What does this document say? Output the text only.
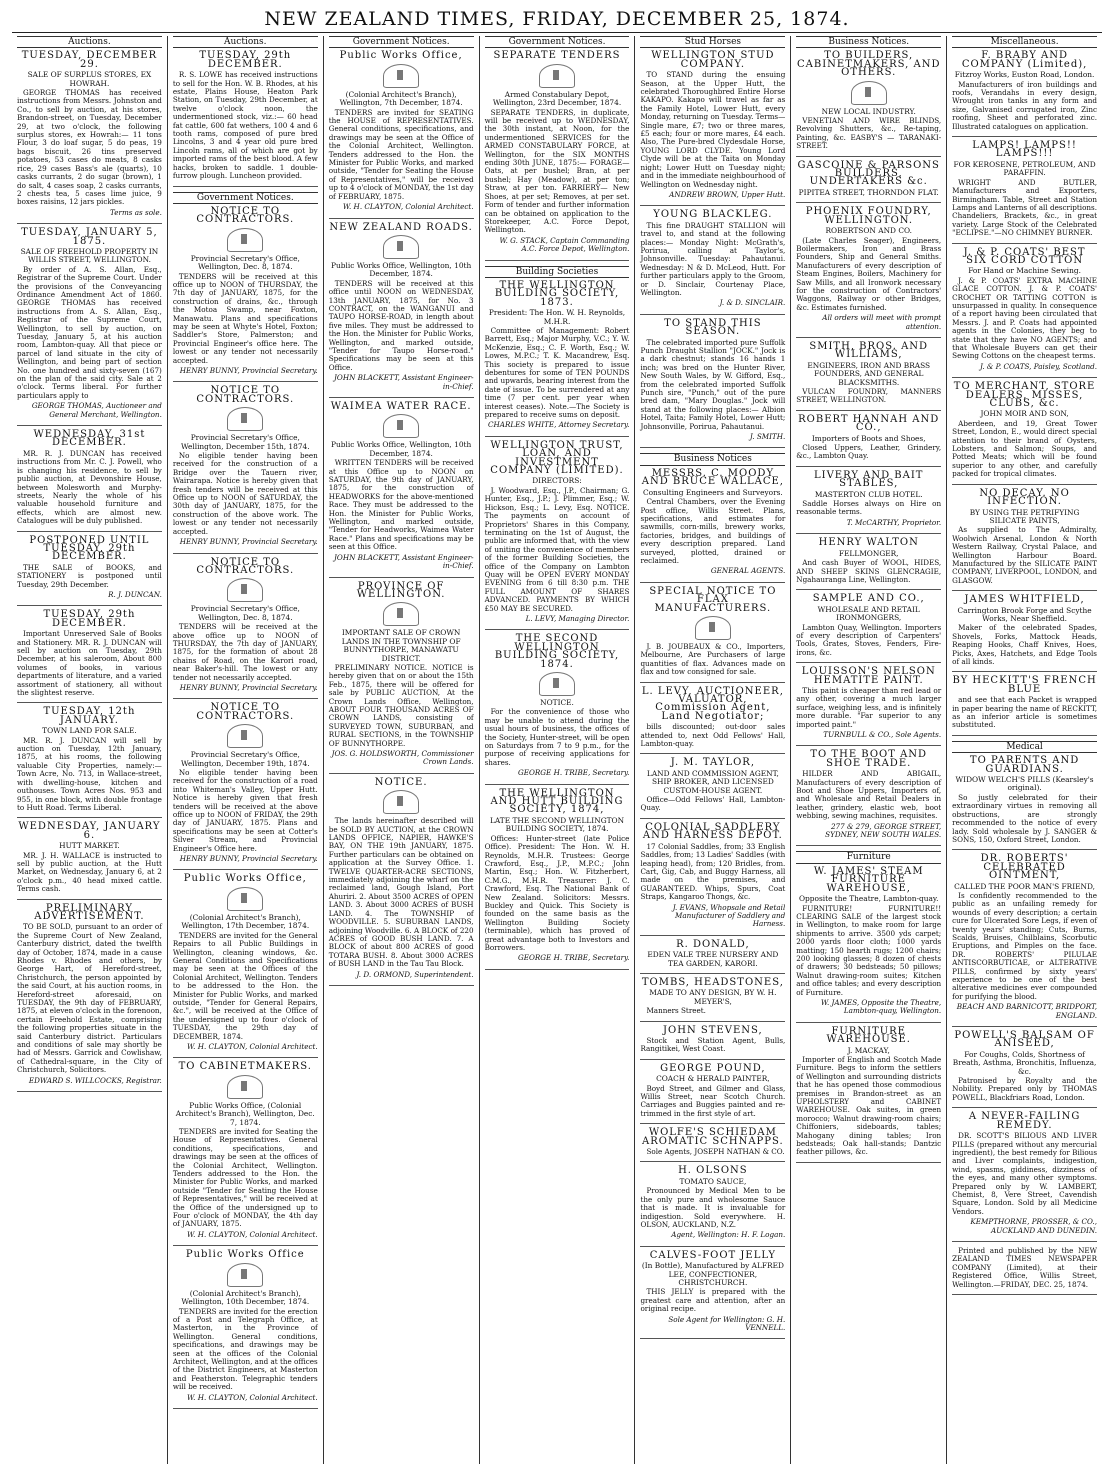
NEW ZEALAND TIMES, FRIDAY, DECEMBER 25, 1874.
Auctions.
TUESDAY, DECEMBER 29.
SALE OF SURPLUS STORES, EX HOWRAH.

GEORGE THOMAS has received instructions from Messrs. Johnston and Co., to sell by auction, at his stores, Brandon-street, on Tuesday, December 29, at two o'clock, the following surplus stores, ex Howrah:— 11 tons Flour, 3 do loaf sugar, 5 do peas, 19 bags biscuit, 26 tins preserved potatoes, 53 cases do meats, 8 casks rice, 29 cases Bass's ale (quarts), 10 casks currants, 2 do sugar (brown), 1 do salt, 4 cases soap, 2 casks currants, 2 chests tea, 5 cases lime juice, 9 boxes raisins, 12 jars pickles.

Terms as sole.
TUESDAY, JANUARY 5, 1875.
SALE OF FREEHOLD PROPERTY IN WILLIS STREET, WELLINGTON.

By order of A. S. Allan, Esq., Registrar of the Supreme Court. Under the provisions of the Conveyancing Ordinance Amendment Act of 1860. GEORGE THOMAS has received instructions from A. S. Allan, Esq., Registrar of the Supreme Court, Wellington, to sell by auction, on Tuesday, January 5, at his auction room, Lambton-quay. All that piece or parcel of land situate in the city of Wellington, and being part of section No. one hundred and sixty-seven (167) on the plan of the said city. Sale at 2 o'clock. Terms liberal. For further particulars apply to

GEORGE THOMAS, Auctioneer and General Merchant, Wellington.
WEDNESDAY, 31st DECEMBER.

MR. R. J. DUNCAN has received instructions from Mr. C. J. Powell, who is changing his residence, to sell by public auction, at Devonshire House, between Molesworth and Murphy-streets, Nearly the whole of his valuable household furniture and effects, which are almost new. Catalogues will be duly published.

POSTPONED UNTIL TUESDAY, 29th DECEMBER.

THE SALE of BOOKS, and STATIONERY is postponed until Tuesday, 29th December.

R. J. DUNCAN.
TUESDAY, 29th DECEMBER.

Important Unreserved Sale of Books and Stationery. MR. R. J. DUNCAN will sell by auction on Tuesday, 29th December, at his saleroom, About 800 volumes of books, in various departments of literature, and a varied assortment of stationery, all without the slightest reserve.

TUESDAY, 12th JANUARY.
TOWN LAND FOR SALE.

MR. R. J. DUNCAN will sell by auction on Tuesday, 12th January, 1875, at his rooms, the following valuable City Properties, namely:— Town Acre, No. 713, in Wallace-street, with dwelling-house, kitchen and outhouses. Town Acres Nos. 953 and 955, in one block, with double frontage to Hutt Road. Terms Liberal.

WEDNESDAY, JANUARY 6.
HUTT MARKET.

MR. J. H. WALLACE is instructed to sell by public auction, at the Hutt Market, on Wednesday, January 6, at 2 o'clock p.m., 40 head mixed cattle. Terms cash.

PRELIMINARY ADVERTISEMENT.

TO BE SOLD, pursuant to an order of the Supreme Court of New Zealand, Canterbury district, dated the twelfth day of October, 1874, made in a cause Rhodes v. Rhodes and others, by George Hart, of Hereford-street, Christchurch, the person appointed by the said Court, at his auction rooms, in Hereford-street aforesaid, on TUESDAY, the 9th day of FEBRUARY, 1875, at eleven o'clock in the forenoon, certain Freehold Estate, comprising the following properties situate in the said Canterbury district. Particulars and conditions of sale may shortly be had of Messrs. Garrick and Cowlishaw, of Cathedral-square, in the City of Christchurch, Solicitors.

EDWARD S. WILLCOCKS, Registrar.
Auctions.
TUESDAY, 29th DECEMBER.

R. S. LOWE has received instructions to sell for the Hon. W. B. Rhodes, at his estate, Plains House, Heaton Park Station, on Tuesday, 29th December, at twelve o'clock noon, the undermentioned stock, viz.:— 60 head fat cattle, 600 fat wethers, 100 4 and 6 tooth rams, composed of pure bred Lincolns, 3 and 4 year old pure bred Lincoln rams, all of which are got by imported rams of the best blood. A few hacks, broken to saddle. 1 double-furrow plough. Luncheon provided.

Government Notices.
NOTICE TO CONTRACTORS.
Provincial Secretary's Office, Wellington, Dec. 8, 1874.

TENDERS will be received at this office up to NOON of THURSDAY, the 7th day of JANUARY, 1875, for the construction of drains, &c., through the Motoa Swamp, near Foxton, Manawatu. Plans and specifications may be seen at Whyte's Hotel, Foxton; Saddler's Store, Palmerston; and Provincial Engineer's office here. The lowest or any tender not necessarily accepted.

HENRY BUNNY, Provincial Secretary.
NOTICE TO CONTRACTORS.
Provincial Secretary's Office, Wellington, December 15th, 1874.

No eligible tender having been received for the construction of a Bridge over the Tauern river, Wairarapa. Notice is hereby given that fresh tenders will be received at this Office up to NOON of SATURDAY, the 30th day of JANUARY, 1875, for the construction of the above work. The lowest or any tender not necessarily accepted.

HENRY BUNNY, Provincial Secretary.
NOTICE TO CONTRACTORS.
Provincial Secretary's Office, Wellington, Dec. 8, 1874.

TENDERS will be received at the above office up to NOON of THURSDAY, the 7th day of JANUARY, 1875, for the formation of about 28 chains of Road, on the Karori road, near Baker's-hill. The lowest or any tender not necessarily accepted.

HENRY BUNNY, Provincial Secretary.
NOTICE TO CONTRACTORS.
Provincial Secretary's Office, Wellington, December 19th, 1874.

No eligible tender having been received for the construction of a road into Whiteman's Valley, Upper Hutt. Notice is hereby given that fresh tenders will be received at the above office up to NOON of FRIDAY, the 29th day of JANUARY, 1875. Plans and specifications may be seen at Cotter's Silver Stream, and Provincial Engineer's Office here.

HENRY BUNNY, Provincial Secretary.
Public Works Office,
(Colonial Architect's Branch), Wellington, 17th December, 1874.

TENDERS are invited for the General Repairs to all Public Buildings in Wellington, cleaning windows, &c. General Conditions and Specifications may be seen at the Offices of the Colonial Architect, Wellington. Tenders to be addressed to the Hon. the Minister for Public Works, and marked outside, "Tender for General Repairs, &c.", will be received at the Office of the undersigned up to four o'clock of TUESDAY, the 29th day of DECEMBER, 1874.

W. H. CLAYTON, Colonial Architect.
TO CABINETMAKERS.
Public Works Office, (Colonial Architect's Branch), Wellington, Dec. 7, 1874.

TENDERS are invited for Seating the House of Representatives. General conditions, specifications, and drawings may be seen at the offices of the Colonial Architect, Wellington. Tenders addressed to the Hon. the Minister for Public Works, and marked outside "Tender for Seating the House of Representatives," will be received at the Office of the undersigned up to Four o'clock of MONDAY, the 4th day of JANUARY, 1875.

W. H. CLAYTON, Colonial Architect.
Public Works Office
(Colonial Architect's Branch), Wellington, 10th December, 1874.

TENDERS are invited for the erection of a Post and Telegraph Office, at Masterton, in the Province of Wellington. General conditions, specifications, and drawings may be seen at the offices of the Colonial Architect, Wellington, and at the offices of the District Engineers, at Masterton and Featherston. Telegraphic tenders will be received.

W. H. CLAYTON, Colonial Architect.
Government Notices.
Public Works Office,
(Colonial Architect's Branch), Wellington, 7th December, 1874.

TENDERS are invited for SEATING the HOUSE of REPRESENTATIVES. General conditions, specifications, and drawings may be seen at the Office of the Colonial Architect, Wellington. Tenders addressed to the Hon. the Minister for Public Works, and marked outside, "Tender for Seating the House of Representatives," will be received up to 4 o'clock of MONDAY, the 1st day of FEBRUARY, 1875.

W. H. CLAYTON, Colonial Architect.
NEW ZEALAND ROADS.
Public Works Office, Wellington, 10th December, 1874.

TENDERS will be received at this office until NOON on WEDNESDAY, 13th JANUARY, 1875, for No. 3 CONTRACT, on the WANGANUI and TAUPO HORSE-ROAD, in length about five miles. They must be addressed to the Hon. the Minister for Public Works, Wellington, and marked outside, "Tender for Taupo Horse-road." Specifications may be seen at this Office.

JOHN BLACKETT, Assistant Engineer-in-Chief.
WAIMEA WATER RACE.
Public Works Office, Wellington, 10th December, 1874.

WRITTEN TENDERS will be received at this Office up to NOON on SATURDAY, the 9th day of JANUARY, 1875, for the construction of HEADWORKS for the above-mentioned Race. They must be addressed to the Hon. the Minister for Public Works, Wellington, and marked outside, "Tender for Headworks, Waimea Water Race." Plans and specifications may be seen at this Office.

JOHN BLACKETT, Assistant Engineer-in-Chief.
PROVINCE OF WELLINGTON.
IMPORTANT SALE OF CROWN LANDS IN THE TOWNSHIP OF BUNNYTHORPE, MANAWATU DISTRICT.

PRELIMINARY NOTICE. NOTICE is hereby given that on or about the 15th Feb., 1875, there will be offered for sale by PUBLIC AUCTION, At the Crown Lands Office, Wellington, ABOUT FOUR THOUSAND ACRES OF CROWN LANDS, consisting of SURVEYED TOWN, SUBURBAN, and RURAL SECTIONS, in the TOWNSHIP OF BUNNYTHORPE.

JOS. G. HOLDSWORTH, Commissioner Crown Lands.
NOTICE.

The lands hereinafter described will be SOLD BY AUCTION, at the CROWN LANDS OFFICE, NAPIER, HAWKE'S BAY, ON THE 19th JANUARY, 1875. Further particulars can be obtained on application at the Survey Office. 1. TWELVE QUARTER-ACRE SECTIONS, immediately adjoining the wharf on the reclaimed land, Gough Island, Port Ahuriri. 2. About 3500 ACRES of OPEN LAND. 3. About 3000 ACRES of BUSH LAND. 4. The TOWNSHIP of WOODVILLE. 5. SUBURBAN LANDS, adjoining Woodville. 6. A BLOCK of 220 ACRES of GOOD BUSH LAND. 7. A BLOCK of about 800 ACRES of good TOTARA BUSH. 8. About 3000 ACRES of BUSH LAND in the Tau Tau Block.

J. D. ORMOND, Superintendent.
Government Notices.
SEPARATE TENDERS
Armed Constabulary Depot, Wellington, 23rd December, 1874.

SEPARATE TENDERS, in duplicate, will be received up to WEDNESDAY, the 30th instant, at Noon, for the undermentioned SERVICES for the ARMED CONSTABULARY FORCE, at Wellington, for the SIX MONTHS ending 30th JUNE, 1875:— FORAGE— Oats, at per bushel; Bran, at per bushel; Hay (Meadow), at per ton; Straw, at per ton. FARRIERY— New Shoes, at per set; Removes, at per set. Form of tender and further information can be obtained on application to the Storekeeper, A.C. Force Depot, Wellington.

W. G. STACK, Captain Commanding A.C. Force Depot, Wellington.
Building Societies
THE WELLINGTON BUILDING SOCIETY, 1873.
President: The Hon. W. H. Reynolds, M.H.R.

Committee of Management: Robert Barrett, Esq.; Major Murphy, V.C.; Y. W. McKenzie, Esq.; C. F. Worth, Esq.; W. Lowes, M.P.C.; T. K. Macandrew, Esq. This society is prepared to issue debentures for some of TEN POUNDS and upwards, bearing interest from the date of issue. To be surrendered at any time (7 per cent. per year when interest ceases). Note.—The Society is prepared to receive sums on deposit.

CHARLES WHITE, Attorney Secretary.
WELLINGTON TRUST, LOAN, AND INVESTMENT COMPANY (LIMITED).
DIRECTORS:

J. Woodward, Esq., J.P., Chairman; G. Hunter, Esq., J.P.; J. Plimmer, Esq.; W. Hickson, Esq.; L. Levy, Esq. NOTICE. The payments on account of Proprietors' Shares in this Company, terminating on the 1st of August, the public are informed that, with the view of uniting the convenience of members of the former Building Societies, the office of the Company on Lambton Quay will be OPEN EVERY MONDAY EVENING from 6 till 8:30 p.m. THE FULL AMOUNT OF SHARES ADVANCED. PAYMENTS BY WHICH £50 MAY BE SECURED.

L. LEVY, Managing Director.
THE SECOND WELLINGTON BUILDING SOCIETY, 1874.
NOTICE.

For the convenience of those who may be unable to attend during the usual hours of business, the offices of the Society, Hunter-street, will be open on Saturdays from 7 to 9 p.m., for the purpose of receiving applications for shares.

GEORGE H. TRIBE, Secretary.
THE WELLINGTON AND HUTT BUILDING SOCIETY, 1874,
LATE THE SECOND WELLINGTON BUILDING SOCIETY, 1874.

Offices: Hunter-street (late Police Office). President: The Hon. W. H. Reynolds, M.H.R. Trustees: George Crawford, Esq., J.P., M.P.C.; John Martin, Esq.; Hon. W. Fitzherbert, C.M.G., M.H.R. Treasurer: J. C. Crawford, Esq. The National Bank of New Zealand. Solicitors: Messrs. Buckley and Quick. This Society is founded on the same basis as the Wellington Building Society (terminable), which has proved of great advantage both to Investors and Borrowers.

GEORGE H. TRIBE, Secretary.
Stud Horses
WELLINGTON STUD COMPANY.

TO STAND during the ensuing Season, at the Upper Hutt, the celebrated Thoroughbred Entire Horse KAKAPO. Kakapo will travel as far as the Family Hotel, Lower Hutt, every Monday, returning on Tuesday. Terms—Single mare, £7; two or three mares, £5 each; four or more mares, £4 each. Also, The Pure-bred Clydesdale Horse, YOUNG LORD CLYDE. Young Lord Clyde will be at the Taita on Monday night; Lower Hutt on Tuesday night; and in the immediate neighbourhood of Wellington on Wednesday night.

ANDREW BROWN, Upper Hutt.
YOUNG BLACKLEG.

This fine DRAUGHT STALLION will travel to, and stand at the following places:— Monday Night: McGrath's, Porirua, calling at Taylor's, Johnsonville. Tuesday: Pahautanui. Wednesday: N & D. McLeod, Hutt. For further particulars apply to the Groom, or D. Sinclair, Courtenay Place, Wellington.

J. & D. SINCLAIR.
TO STAND THIS SEASON.

The celebrated imported pure Suffolk Punch Draught Stallion "JOCK." Jock is a dark chestnut; stands 16 hands 1 inch; was bred on the Hunter River, New South Wales, by W. Gifford, Esq., from the celebrated imported Suffolk Punch sire, "Punch," out of the pure bred dam, "Mary Douglas." Jock will stand at the following places:— Albion Hotel, Taita; Family Hotel, Lower Hutt; Johnsonville, Porirua, Pahautanui.

J. SMITH.
Business Notices
MESSRS. C. MOODY AND BRUCE WALLACE,
Consulting Engineers and Surveyors.

Central Chambers, over the Evening Post office, Willis Street. Plans, specifications, and estimates for sawmills, corn-mills, brewery works, factories, bridges, and buildings of every description prepared. Land surveyed, plotted, drained or reclaimed.

GENERAL AGENTS.
SPECIAL NOTICE TO FLAX MANUFACTURERS.

J. B. JOUBEAUX & CO., Importers, Melbourne, Are Purchasers of large quantities of flax. Advances made on flax and tow consigned for sale.

L. LEVY, AUCTIONEER, VALUATOR, Commission Agent, Land Negotiator;

bills discounted; out-door sales attended to, next Odd Fellows' Hall, Lambton-quay.

J. M. TAYLOR,
LAND AND COMMISSION AGENT, SHIP BROKER, AND LICENSED CUSTOM-HOUSE AGENT.

Office—Odd Fellows' Hall, Lambton-Quay.

COLONIAL SADDLERY AND HARNESS DEPOT.

17 Colonial Saddles, from; 33 English Saddles, from; 13 Ladies' Saddles (with leaping head), from; 120 Bridles, from. Cart, Gig, Cab, and Buggy Harness, all made on the premises, and GUARANTEED. Whips, Spurs, Coat Straps, Kangaroo Thongs, &c.

J. EVANS, Whopsale and Retail Manufacturer of Saddlery and Harness.
R. DONALD,
EDEN VALE TREE NURSERY AND TEA GARDEN, KARORI.
TOMBS, HEADSTONES,
MADE TO ANY DESIGN, BY W. H. MEYER'S,

Manners Street.

JOHN STEVENS,

Stock and Station Agent, Bulls, Rangitikei, West Coast.

GEORGE POUND,
COACH & HERALD PAINTER,

Boyd Street, and Gilmer and Glass, Willis Street, near Scotch Church. Carriages and Buggies painted and re-trimmed in the first style of art.

WOLFE'S SCHIEDAM AROMATIC SCHNAPPS.

Sole Agents, JOSEPH NATHAN & CO.

H. OLSONS
TOMATO SAUCE,

Pronounced by Medical Men to be the only pure and wholesome Sauce that is made. It is invaluable for indigestion. Sold everywhere. H. OLSON, AUCKLAND, N.Z.

Agent, Wellington: H. F. Logan.
CALVES-FOOT JELLY
(In Bottle), Manufactured by ALFRED LEE, CONFECTIONER, CHRISTCHURCH.

THIS JELLY is prepared with the greatest care and attention, after an original recipe.

Sole Agent for Wellington: G. H. VENNELL.
Business Notices.
TO BUILDERS, CABINETMAKERS, AND OTHERS.
NEW LOCAL INDUSTRY.

VENETIAN AND WIRE BLINDS, Revolving Shutters, &c., Re-taping, Painting, &c. EASBY'S — TARANAKI-STREET.

GASCOINE & PARSONS BUILDERS, UNDERTAKERS &c.
PIPITEA STREET, THORNDON FLAT.
PHOENIX FOUNDRY, WELLINGTON.
ROBERTSON AND CO.

(Late Charles Seager), Engineers, Boilermakers, Iron and Brass Founders, Ship and General Smiths. Manufacturers of every description of Steam Engines, Boilers, Machinery for Saw Mills, and all Ironwork necessary for the construction of Contractors' Waggons, Railway or other Bridges, &c. Estimates furnished.

All orders will meet with prompt attention.
SMITH, BROS. AND WILLIAMS,
ENGINEERS, IRON AND BRASS FOUNDERS, AND GENERAL BLACKSMITHS.

VULCAN FOUNDRY, MANNERS STREET, WELLINGTON.

ROBERT HANNAH AND CO.,
Importers of Boots and Shoes,

Closed Uppers, Leather, Grindery, &c., Lambton Quay.

LIVERY AND BAIT STABLES,
MASTERTON CLUB HOTEL.

Saddle Horses always on Hire on reasonable terms.

T. McCARTHY, Proprietor.
HENRY WALTON
FELLMONGER,

And cash Buyer of WOOL, HIDES, AND SHEEP SKINS GLENCRAGIE, Ngahauranga Line, Wellington.

SAMPLE AND CO.,
WHOLESALE AND RETAIL IRONMONGERS,

Lambton Quay, Wellington. Importers of every description of Carpenters' Tools, Grates, Stoves, Fenders, Fire-irons, &c.

LOUISSON'S NELSON HEMATITE PAINT.

This paint is cheaper than red lead or any other, covering a much larger surface, weighing less, and is infinitely more durable. "Far superior to any imported paint."

TURNBULL & CO., Sole Agents.
TO THE BOOT AND SHOE TRADE.

HILDER AND ABIGAIL, Manufacturers of every description of Boot and Shoe Uppers, Importers of, and Wholesale and Retail Dealers in leather, grindery, elastic web, boot webbing, sewing machines, requisites.

277 & 279, GEORGE STREET, SYDNEY, NEW SOUTH WALES.
Furniture
W. JAMES' STEAM FURNITURE WAREHOUSE,
Opposite the Theatre, Lambton-quay.

FURNITURE! FURNITURE!! CLEARING SALE of the largest stock in Wellington, to make room for large shipments to arrive. 3500 yds carpet; 2000 yards floor cloth; 1000 yards matting; 150 hearth rugs; 1200 chairs; 200 looking glasses; 8 dozen of chests of drawers; 30 bedsteads; 50 pillows; Walnut drawing-room suites; Kitchen and office tables; and every description of Furniture.

W. JAMES, Opposite the Theatre, Lambton-quay, Wellington.
FURNITURE WAREHOUSE.
J. MACKAY,

Importer of English and Scotch Made Furniture. Begs to inform the settlers of Wellington and surrounding districts that he has opened those commodious premises in Brandon-street as an UPHOLSTERY and CABINET WAREHOUSE. Oak suites, in green morocco; Walnut drawing-room chairs; Chiffoniers, sideboards, tables; Mahogany dining tables; Iron bedsteads; Oak hall-stands; Dantzic feather pillows, &c.

Miscellaneous.
F. BRABY AND COMPANY (Limited),
Fitzroy Works, Euston Road, London.

Manufacturers of iron buildings and roofs, Verandahs in every design, Wrought iron tanks in any form and size, Galvanised corrugated iron, Zinc roofing, Sheet and perforated zinc. Illustrated catalogues on application.

LAMPS! LAMPS!! LAMPS!!!
FOR KEROSENE, PETROLEUM, AND PARAFFIN.

WRIGHT AND BUTLER, Manufacturers and Exporters, Birmingham. Table, Street and Station Lamps and Lanterns of all descriptions. Chandeliers, Brackets, &c., in great variety. Large Stock of the Celebrated "ECLIPSE."—NO CHIMNEY BURNER.

J. & P. COATS' BEST SIX CORD COTTON
For Hand or Machine Sewing.

J. & P. COATS' EXTRA MACHINE GLACE COTTON. J. & P. COATS' CROCHET OR TATTING COTTON is unsurpassed in quality. In consequence of a report having been circulated that Messrs. J. and P. Coats had appointed agents in the Colonies, they beg to state that they have NO AGENTS; and that Wholesale Buyers can get their Sewing Cottons on the cheapest terms.

J. & P. COATS, Paisley, Scotland.
TO MERCHANT, STORE DEALERS, MISSES, CLUBS, &c.
JOHN MOIR AND SON,

Aberdeen, and 19, Great Tower Street, London, E., would direct special attention to their brand of Oysters, Lobsters, and Salmon; Soups, and Potted Meats; which will be found superior to any other, and carefully packed for tropical climates.

NO DECAY. NO INFECTION.
BY USING THE PETRIFYING SILICATE PAINTS,

As supplied to The Admiralty, Woolwich Arsenal, London & North Western Railway, Crystal Palace, and Wellington Harbour Board. Manufactured by the SILICATE PAINT COMPANY, LIVERPOOL, LONDON, and GLASGOW.

JAMES WHITFIELD,
Carrington Brook Forge and Scythe Works, Near Sheffield.

Maker of the celebrated Spades, Shovels, Forks, Mattock Heads, Reaping Hooks, Chaff Knives, Hoes, Picks, Axes, Hatchets, and Edge Tools of all kinds.

BY HECKITT'S FRENCH BLUE

and see that each Packet is wrapped in paper bearing the name of RECKITT, as an inferior article is sometimes substituted.

Medical
TO PARENTS AND GUARDIANS.
WIDOW WELCH'S PILLS (Kearsley's original).

So justly celebrated for their extraordinary virtues in removing all obstructions, are strongly recommended to the notice of every lady. Sold wholesale by J. SANGER & SONS, 150, Oxford Street, London.

DR. ROBERTS' CELEBRATED OINTMENT,
CALLED THE POOR MAN'S FRIEND,

Is confidently recommended to the public as an unfailing remedy for wounds of every description; a certain cure for Ulcerated Sore Legs, if even of twenty years' standing; Cuts, Burns, Scalds, Bruises, Chilblains, Scorbutic Eruptions, and Pimples on the face. DR. ROBERTS' PILULAE ANTISCORBUTICAE, or ALTERATIVE PILLS, confirmed by sixty years' experience to be one of the best alterative medicines ever compounded for purifying the blood.

BEACH AND BARNICOTT, BRIDPORT, ENGLAND.
POWELL'S BALSAM OF ANISEED,
For Coughs, Colds, Shortness of Breath, Asthma, Bronchitis, Influenza, &c.

Patronised by Royalty and the Nobility. Prepared only by THOMAS POWELL, Blackfriars Road, London.

A NEVER-FAILING REMEDY.

DR. SCOTT'S BILIOUS AND LIVER PILLS (prepared without any mercurial ingredient), the best remedy for Bilious and Liver complaints, indigestion, wind, spasms, giddiness, dizziness of the eyes, and many other symptoms. Prepared only by W. LAMBERT, Chemist, 8, Vere Street, Cavendish Square, London. Sold by all Medicine Vendors.

KEMPTHORNE, PROSSER, & CO., AUCKLAND AND DUNEDIN.

Printed and published by the NEW ZEALAND TIMES NEWSPAPER COMPANY (Limited), at their Registered Office, Willis Street, Wellington.—FRIDAY, DEC. 25, 1874.
